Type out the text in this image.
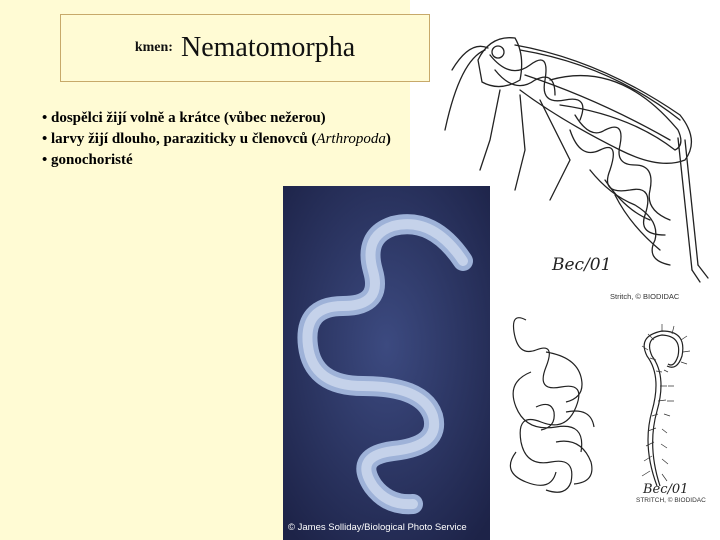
kmen: Nematomorpha
• dospělci žijí volně a krátce (vůbec nežerou)
• larvy žijí dlouho, paraziticky u členovců (Arthropoda)
• gonochoristé
Bec/01
Stritch, © BIODIDAC
Bec/01
STRITCH, © BIODIDAC
© James Solliday/Biological Photo Service
